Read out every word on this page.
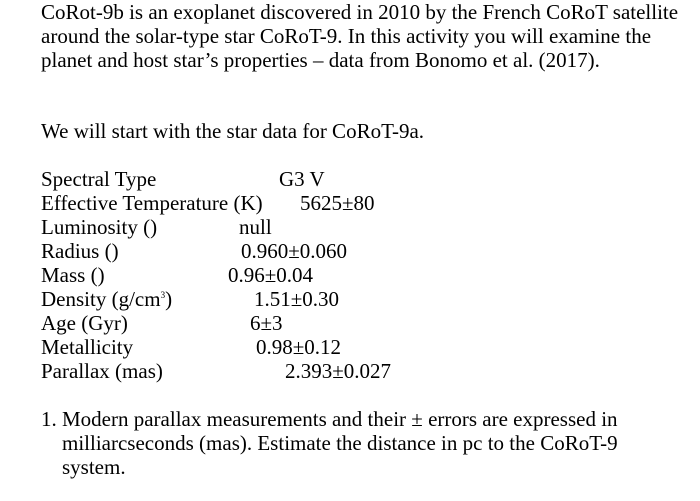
CoRot-9b is an exoplanet discovered in 2010 by the French CoRoT satellite around the solar-type star CoRoT-9. In this activity you will examine the planet and host star’s properties – data from Bonomo et al. (2017).

We will start with the star data for CoRoT-9a.

Spectral Type	G3 V
Effective Temperature (K) 5625±80
Luminosity ()	null
Radius ()	0.960±0.060
Mass ()	0.96±0.04
Density $(g/cm^3)$	1.51±0.30
Age (Gyr)	6±3
Metallicity	0.98±0.12
Parallax (mas)	2.393±0.027
1. Modern parallax measurements and their ± errors are expressed in milliarcseconds (mas). Estimate the distance in pc to the CoRoT-9 system.
